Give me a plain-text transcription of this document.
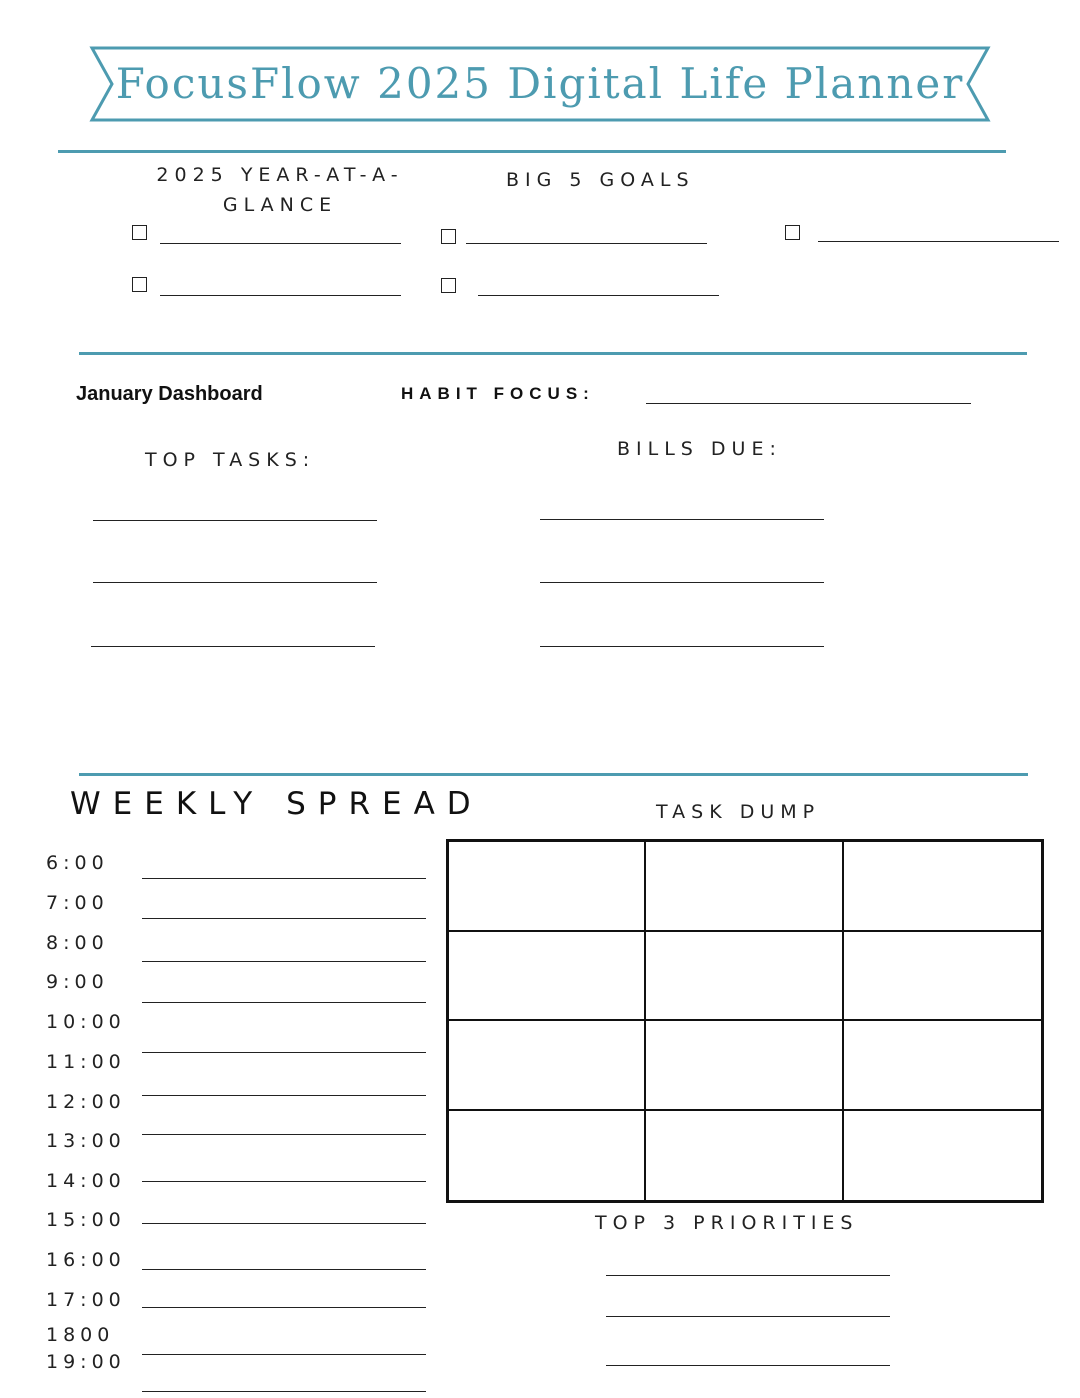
FocusFlow 2025 Digital Life Planner
2025 YEAR-AT-A-
GLANCE
BIG 5 GOALS
January Dashboard	HABIT FOCUS:
TOP TASKS:	BILLS DUE:
WEEKLY SPREAD	TASK DUMP
6:00
7:00
8:00
9:00
10:00
11:00
12:00
13:00
14:00
15:00
16:00
17:00
1800
19:00
TOP 3 PRIORITIES
